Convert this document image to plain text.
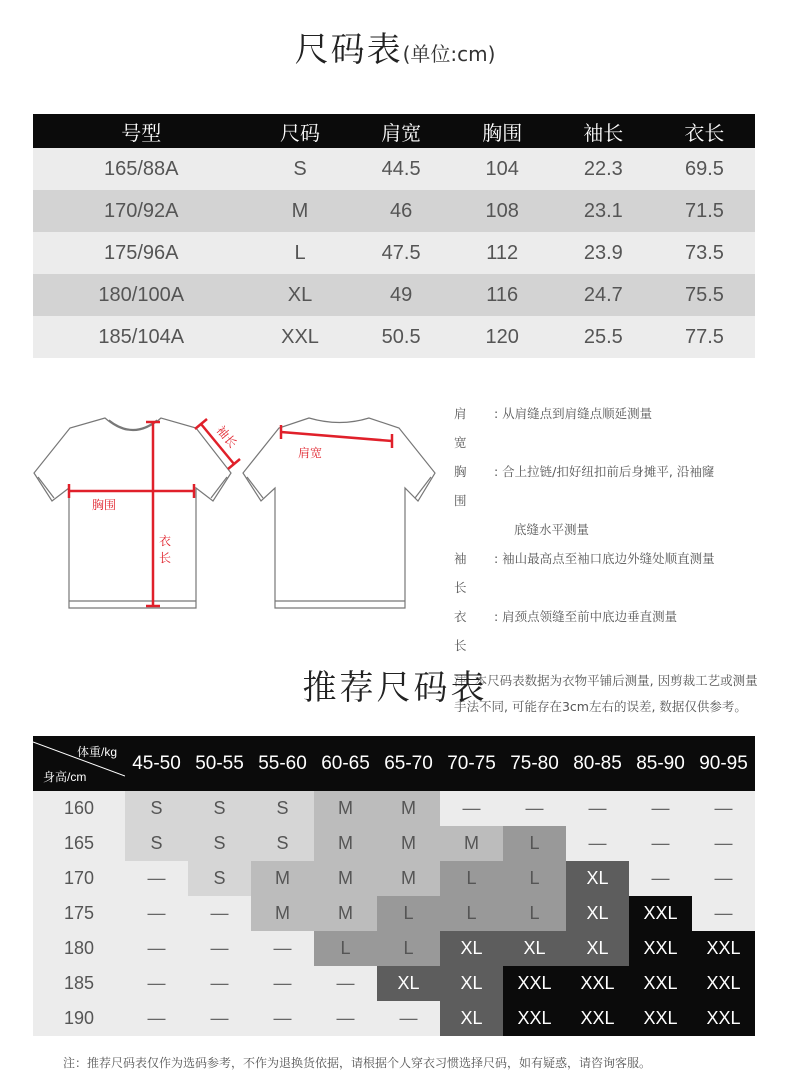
尺码表(单位:cm)
号型	尺码	肩宽	胸围	袖长	衣长
165/88A	S	44.5	104	22.3	69.5
170/92A	M	46	108	23.1	71.5
175/96A	L	47.5	112	23.9	73.5
180/100A	XL	49	116	24.7	75.5
185/104A	XXL	50.5	120	25.5	77.5
胸围
肩宽
袖长
衣
长
肩宽
: 从肩缝点到肩缝点顺延测量
胸围
: 合上拉链/扣好纽扣前后身摊平, 沿袖窿
底缝水平测量
袖长
: 袖山最高点至袖口底边外缝处顺直测量
衣长
: 肩颈点领缝至前中底边垂直测量
注: 本尺码表数据为衣物平铺后测量, 因剪裁工艺或测量手法不同, 可能存在3cm左右的误差, 数据仅供参考。
推荐尺码表
体重/kg
身高/cm	45-50	50-55	55-60	60-65	65-70	70-75	75-80	80-85	85-90	90-95
160	S	S	S	M	M	—	—	—	—	—
165	S	S	S	M	M	M	L	—	—	—
170	—	S	M	M	M	L	L	XL	—	—
175	—	—	M	M	L	L	L	XL	XXL	—
180	—	—	—	L	L	XL	XL	XL	XXL	XXL
185	—	—	—	—	XL	XL	XXL	XXL	XXL	XXL
190	—	—	—	—	—	XL	XXL	XXL	XXL	XXL
注：推荐尺码表仅作为选码参考，不作为退换货依据，请根据个人穿衣习惯选择尺码，如有疑惑，请咨询客服。
